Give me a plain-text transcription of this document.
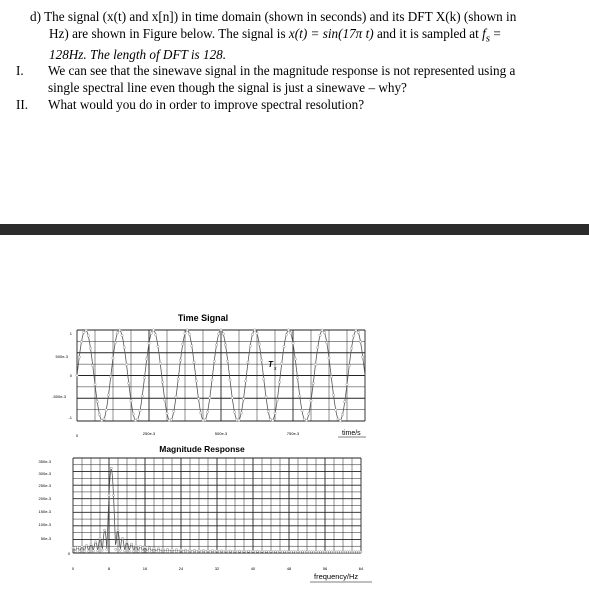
d) The signal (x(t) and x[n]) in time domain (shown in seconds) and its DFT X(k) (shown in

Hz) are shown in Figure below. The signal is x(t) = sin(17π t) and it is sampled at $f_s$ =

128Hz. The length of DFT is 128.

I. We can see that the sinewave signal in the magnitude response is not represented using a
single spectral line even though the signal is just a sinewave – why?

II. What would you do in order to improve spectral resolution?

Time Signal
1
500e-3
0
-500e-3
-1
0	250e-3	500e-3	750e-3	time/s
T s
Magnitude Response
350e-3
300e-3
250e-3
200e-3
150e-3
100e-3
50e-3
0
0	8	16	24	32	40	48	56	64
frequency/Hz
